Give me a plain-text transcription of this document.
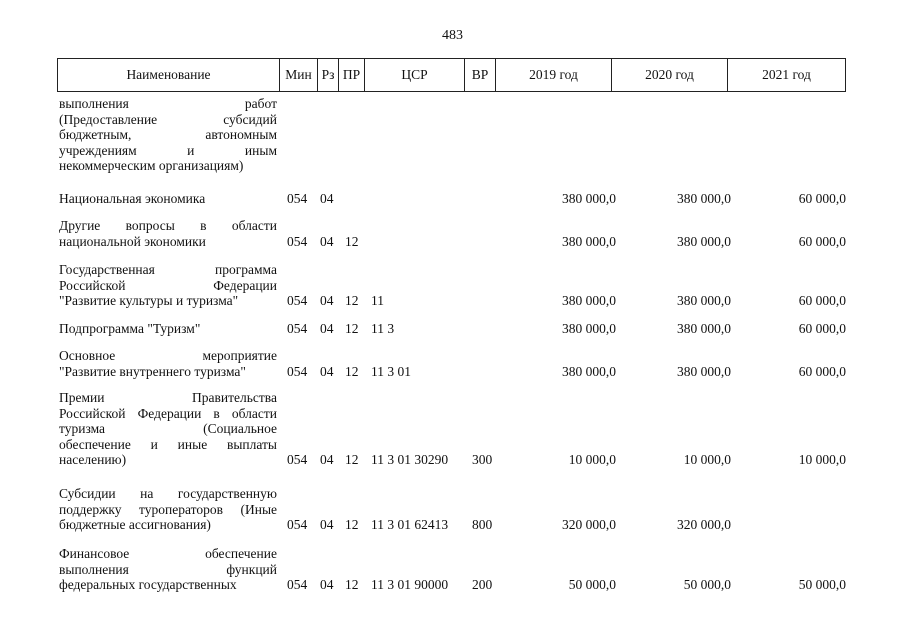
483
Наименование	Мин Рз ПР	ЦСР	ВР	2019 год	2020 год	2021 год
выполнения работ
(Предоставление субсидий
бюджетным, автономным
учреждениям и иным
некоммерческим организациям)
Национальная экономика	054 04	380 000,0	380 000,0	60 000,0
Другие вопросы в области
национальной экономики	054 04 12	380 000,0	380 000,0	60 000,0
Государственная программа
Российской Федерации
"Развитие культуры и туризма"	054 04 12 11	380 000,0	380 000,0	60 000,0
Подпрограмма "Туризм"	054 04 12 11 3	380 000,0	380 000,0	60 000,0
Основное мероприятие
"Развитие внутреннего туризма"	054 04 12 11 3 01	380 000,0	380 000,0	60 000,0
Премии Правительства
Российской Федерации в области
туризма (Социальное
обеспечение и иные выплаты
населению)	054 04 12 11 3 01 30290	300	10 000,0	10 000,0	10 000,0
Субсидии на государственную
поддержку туроператоров (Иные
бюджетные ассигнования)	054 04 12 11 3 01 62413	800	320 000,0	320 000,0
Финансовое обеспечение
выполнения функций
федеральных государственных	054 04 12 11 3 01 90000	200	50 000,0	50 000,0	50 000,0
